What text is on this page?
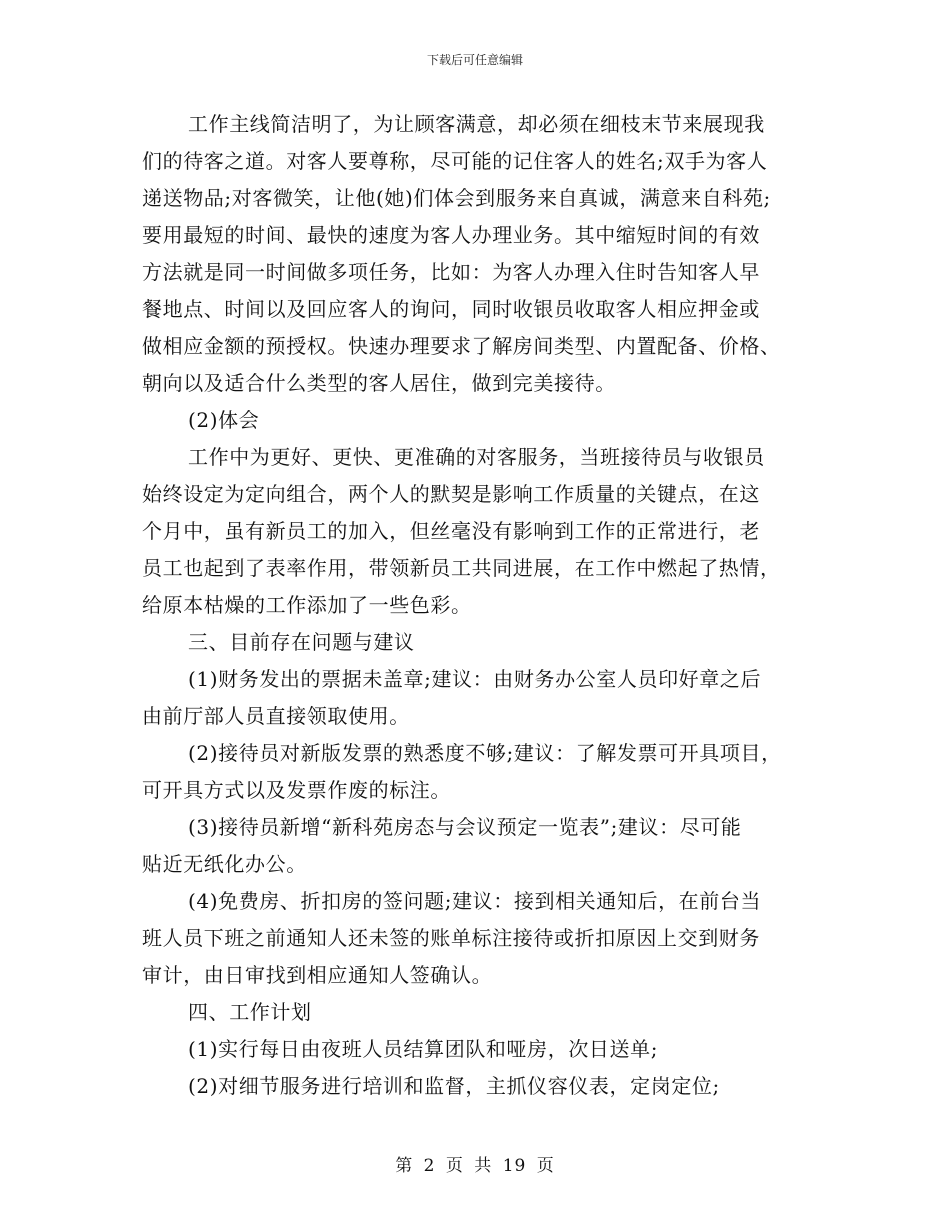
下载后可任意编辑
工作主线简洁明了，为让顾客满意，却必须在细枝末节来展现我
们的待客之道。对客人要尊称，尽可能的记住客人的姓名;双手为客人
递送物品;对客微笑，让他(她)们体会到服务来自真诚，满意来自科苑;
要用最短的时间、最快的速度为客人办理业务。其中缩短时间的有效
方法就是同一时间做多项任务，比如：为客人办理入住时告知客人早
餐地点、时间以及回应客人的询问，同时收银员收取客人相应押金或
做相应金额的预授权。快速办理要求了解房间类型、内置配备、价格、
朝向以及适合什么类型的客人居住，做到完美接待。
(2)体会
工作中为更好、更快、更准确的对客服务，当班接待员与收银员
始终设定为定向组合，两个人的默契是影响工作质量的关键点，在这
个月中，虽有新员工的加入，但丝毫没有影响到工作的正常进行，老
员工也起到了表率作用，带领新员工共同进展，在工作中燃起了热情，
给原本枯燥的工作添加了一些色彩。
三、目前存在问题与建议
(1)财务发出的票据未盖章;建议：由财务办公室人员印好章之后
由前厅部人员直接领取使用。
(2)接待员对新版发票的熟悉度不够;建议：了解发票可开具项目，
可开具方式以及发票作废的标注。
(3)接待员新增“新科苑房态与会议预定一览表”;建议：尽可能
贴近无纸化办公。
(4)免费房、折扣房的签问题;建议：接到相关通知后，在前台当
班人员下班之前通知人还未签的账单标注接待或折扣原因上交到财务
审计，由日审找到相应通知人签确认。
四、工作计划
(1)实行每日由夜班人员结算团队和哑房，次日送单;
(2)对细节服务进行培训和监督，主抓仪容仪表，定岗定位;
第 2 页 共 19 页
